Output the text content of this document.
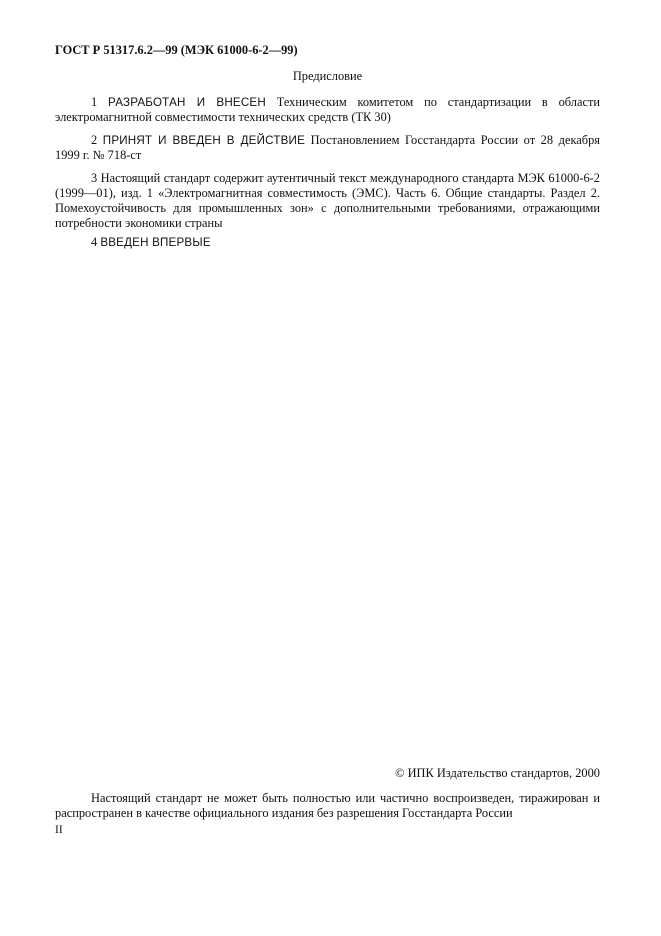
ГОСТ Р 51317.6.2—99 (МЭК 61000-6-2—99)
Предисловие
1 РАЗРАБОТАН И ВНЕСЕН Техническим комитетом по стандартизации в области электромагнитной совместимости технических средств (ТК 30)
2 ПРИНЯТ И ВВЕДЕН В ДЕЙСТВИЕ Постановлением Госстандарта России от 28 декабря 1999 г. № 718-ст
3 Настоящий стандарт содержит аутентичный текст международного стандарта МЭК 61000-6-2 (1999—01), изд. 1 «Электромагнитная совместимость (ЭМС). Часть 6. Общие стандарты. Раздел 2. Помехоустойчивость для промышленных зон» с дополнительными требованиями, отражающими потребности экономики страны
4 ВВЕДЕН ВПЕРВЫЕ
© ИПК Издательство стандартов, 2000
Настоящий стандарт не может быть полностью или частично воспроизведен, тиражирован и распространен в качестве официального издания без разрешения Госстандарта России
II
